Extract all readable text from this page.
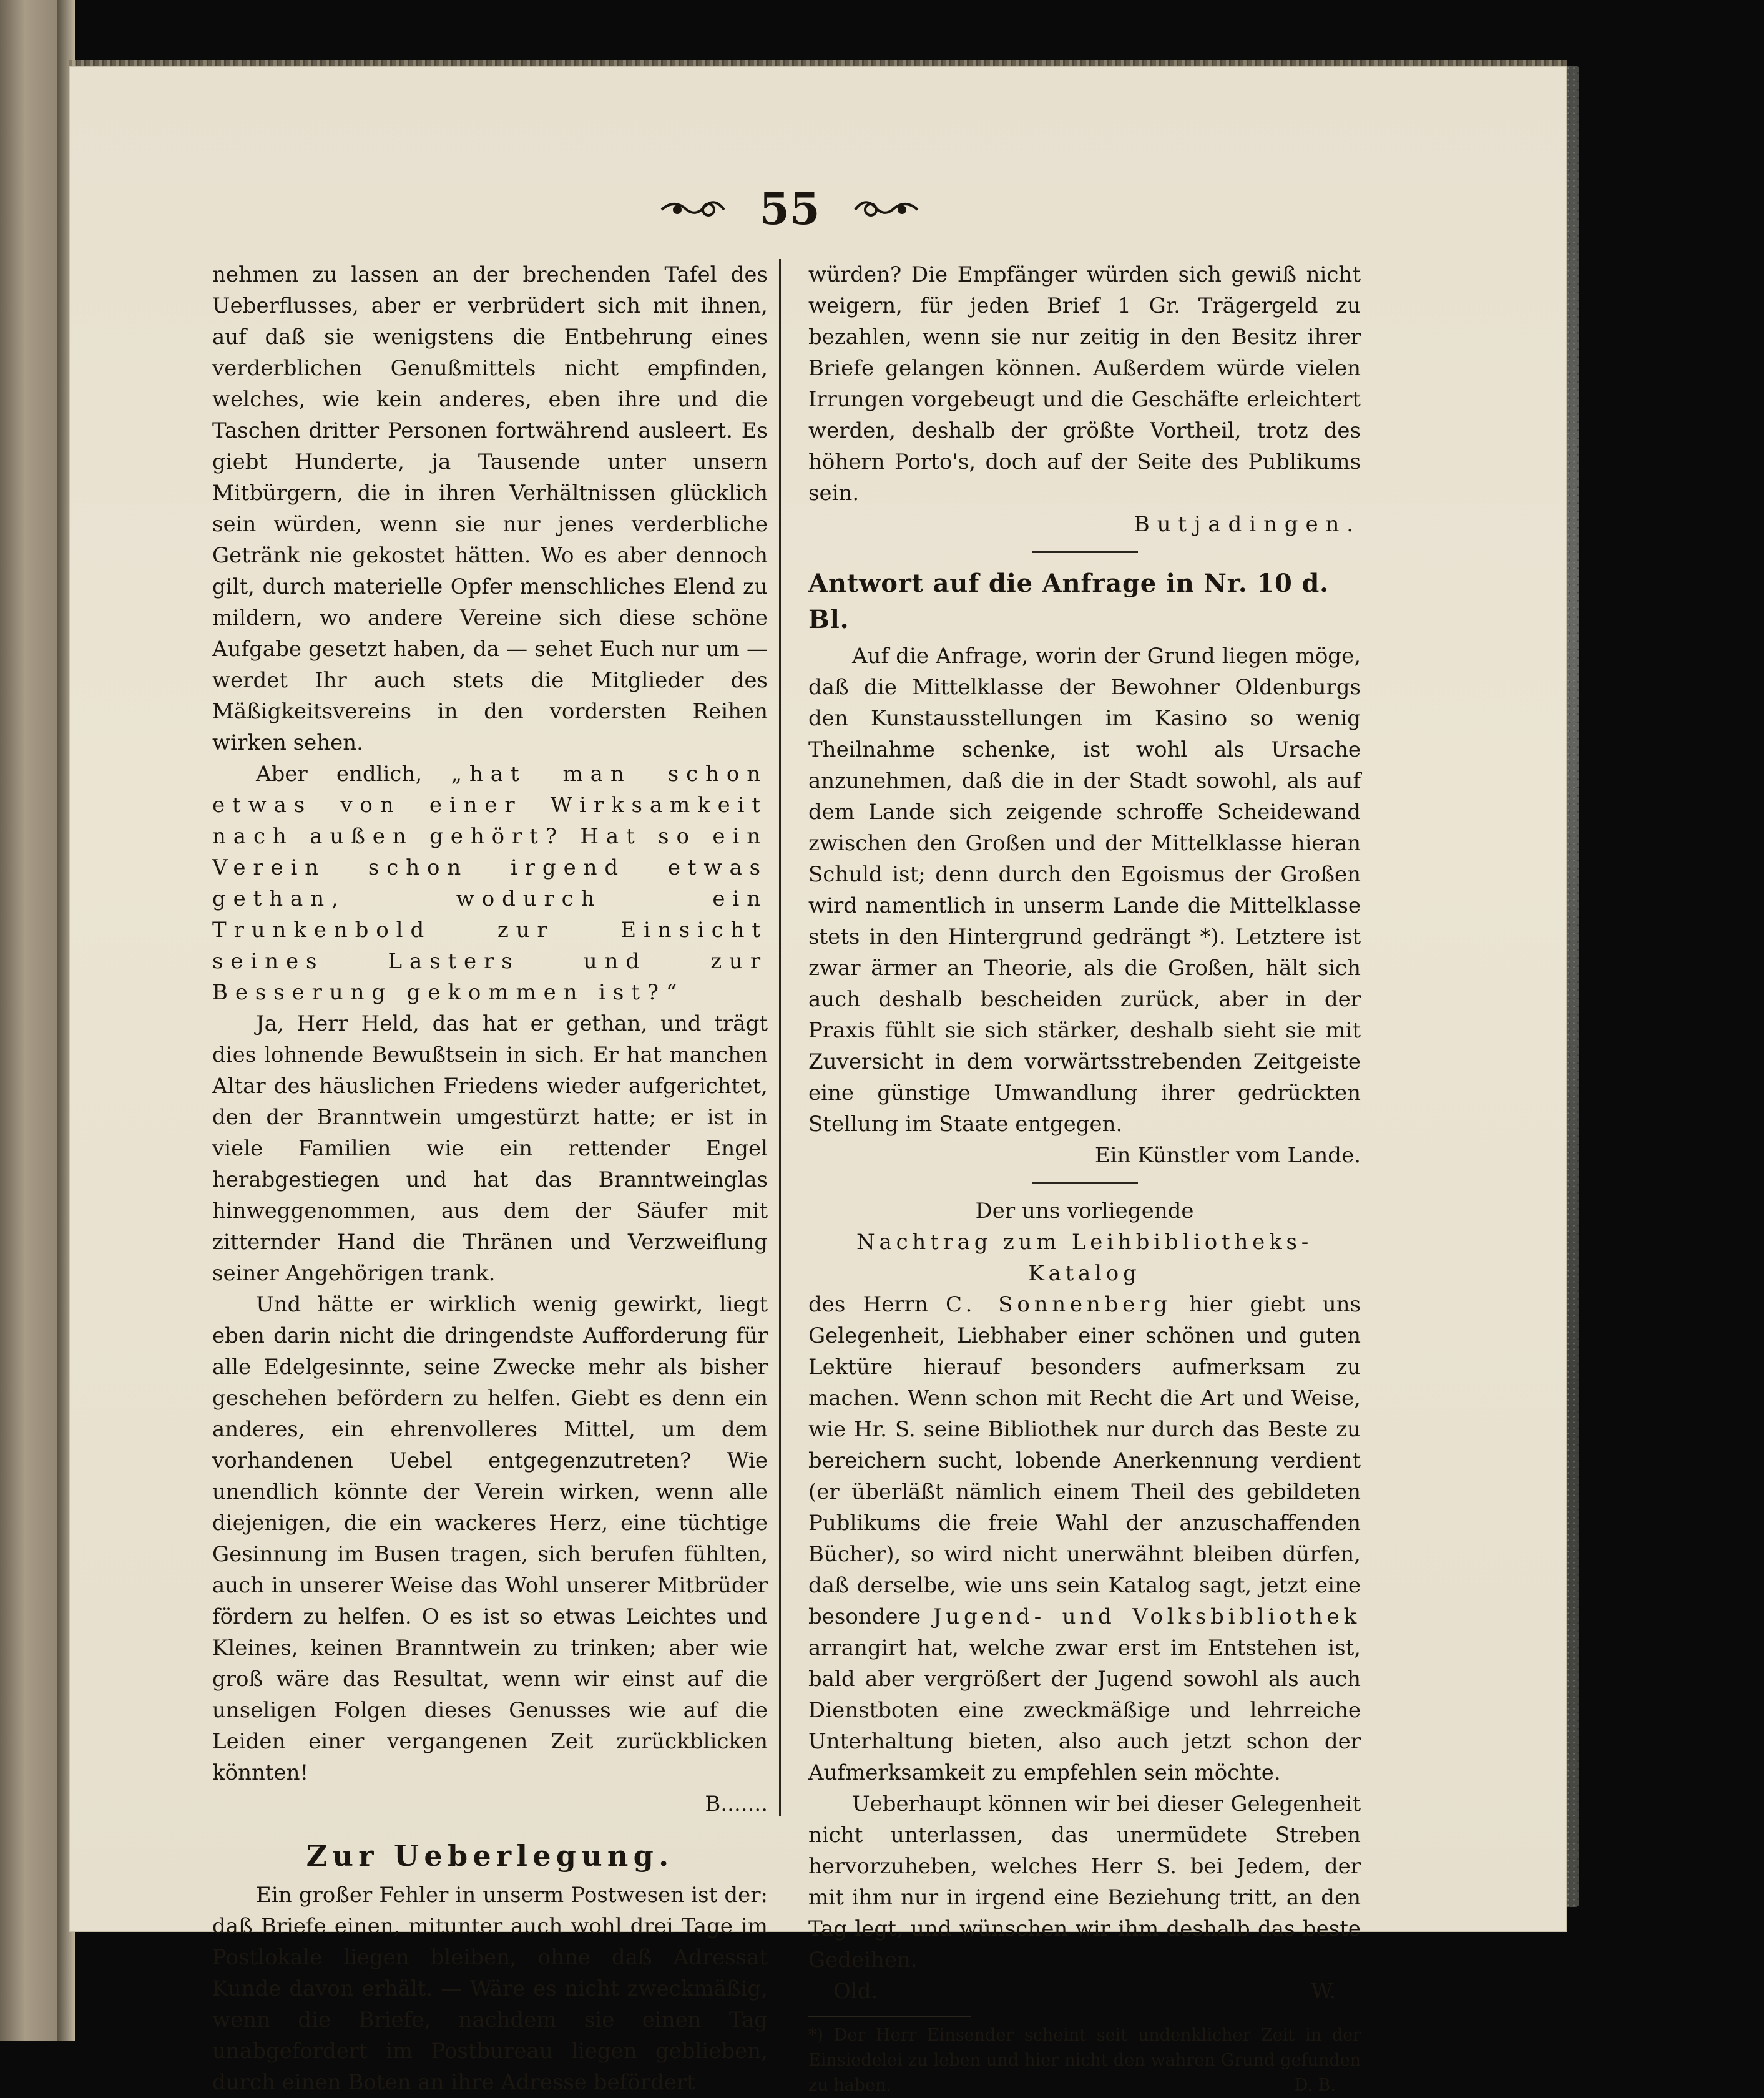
55

nehmen zu lassen an der brechenden Tafel des Ueberflusses, aber er verbrüdert sich mit ihnen, auf daß sie wenigstens die Entbehrung eines verderblichen Genußmittels nicht empfinden, welches, wie kein anderes, eben ihre und die Taschen dritter Personen fortwährend ausleert. Es giebt Hunderte, ja Tausende unter unsern Mitbürgern, die in ihren Verhältnissen glücklich sein würden, wenn sie nur jenes verderbliche Getränk nie gekostet hätten. Wo es aber dennoch gilt, durch materielle Opfer menschliches Elend zu mildern, wo andere Vereine sich diese schöne Aufgabe gesetzt haben, da — sehet Euch nur um — werdet Ihr auch stets die Mitglieder des Mäßigkeitsvereins in den vordersten Reihen wirken sehen.

Aber endlich, „hat man schon etwas von einer Wirksamkeit nach außen gehört? Hat so ein Verein schon irgend etwas gethan, wodurch ein Trunkenbold zur Einsicht seines Lasters und zur Besserung gekommen ist?“

Ja, Herr Held, das hat er gethan, und trägt dies lohnende Bewußtsein in sich. Er hat manchen Altar des häuslichen Friedens wieder aufgerichtet, den der Branntwein umgestürzt hatte; er ist in viele Familien wie ein rettender Engel herabgestiegen und hat das Branntweinglas hinweggenommen, aus dem der Säufer mit zitternder Hand die Thränen und Verzweiflung seiner Angehörigen trank.

Und hätte er wirklich wenig gewirkt, liegt eben darin nicht die dringendste Aufforderung für alle Edelgesinnte, seine Zwecke mehr als bisher geschehen befördern zu helfen. Giebt es denn ein anderes, ein ehrenvolleres Mittel, um dem vorhandenen Uebel entgegenzutreten? Wie unendlich könnte der Verein wirken, wenn alle diejenigen, die ein wackeres Herz, eine tüchtige Gesinnung im Busen tragen, sich berufen fühlten, auch in unserer Weise das Wohl unserer Mitbrüder fördern zu helfen. O es ist so etwas Leichtes und Kleines, keinen Branntwein zu trinken; aber wie groß wäre das Resultat, wenn wir einst auf die unseligen Folgen dieses Genusses wie auf die Leiden einer vergangenen Zeit zurückblicken könnten!

B.......

Zur Ueberlegung.

Ein großer Fehler in unserm Postwesen ist der: daß Briefe einen, mitunter auch wohl drei Tage im Postlokale liegen bleiben, ohne daß Adressat Kunde davon erhält. — Wäre es nicht zweckmäßig, wenn die Briefe, nachdem sie einen Tag unabgefordert im Postbureau liegen geblieben, durch einen Boten an ihre Adresse befördert

würden? Die Empfänger würden sich gewiß nicht weigern, für jeden Brief 1 Gr. Trägergeld zu bezahlen, wenn sie nur zeitig in den Besitz ihrer Briefe gelangen können. Außerdem würde vielen Irrungen vorgebeugt und die Geschäfte erleichtert werden, deshalb der größte Vortheil, trotz des höhern Porto's, doch auf der Seite des Publikums sein.

Butjadingen.

Antwort auf die Anfrage in Nr. 10 d. Bl.

Auf die Anfrage, worin der Grund liegen möge, daß die Mittelklasse der Bewohner Oldenburgs den Kunstausstellungen im Kasino so wenig Theilnahme schenke, ist wohl als Ursache anzunehmen, daß die in der Stadt sowohl, als auf dem Lande sich zeigende schroffe Scheidewand zwischen den Großen und der Mittelklasse hieran Schuld ist; denn durch den Egoismus der Großen wird namentlich in unserm Lande die Mittelklasse stets in den Hintergrund gedrängt *). Letztere ist zwar ärmer an Theorie, als die Großen, hält sich auch deshalb bescheiden zurück, aber in der Praxis fühlt sie sich stärker, deshalb sieht sie mit Zuversicht in dem vorwärtsstrebenden Zeitgeiste eine günstige Umwandlung ihrer gedrückten Stellung im Staate entgegen.

Ein Künstler vom Lande.

Der uns vorliegende

Nachtrag zum Leihbibliotheks-Katalog

des Herrn C. Sonnenberg hier giebt uns Gelegenheit, Liebhaber einer schönen und guten Lektüre hierauf besonders aufmerksam zu machen. Wenn schon mit Recht die Art und Weise, wie Hr. S. seine Bibliothek nur durch das Beste zu bereichern sucht, lobende Anerkennung verdient (er überläßt nämlich einem Theil des gebildeten Publikums die freie Wahl der anzuschaffenden Bücher), so wird nicht unerwähnt bleiben dürfen, daß derselbe, wie uns sein Katalog sagt, jetzt eine besondere Jugend- und Volksbibliothek arrangirt hat, welche zwar erst im Entstehen ist, bald aber vergrößert der Jugend sowohl als auch Dienstboten eine zweckmäßige und lehrreiche Unterhaltung bieten, also auch jetzt schon der Aufmerksamkeit zu empfehlen sein möchte.

Ueberhaupt können wir bei dieser Gelegenheit nicht unterlassen, das unermüdete Streben hervorzuheben, welches Herr S. bei Jedem, der mit ihm nur in irgend eine Beziehung tritt, an den Tag legt, und wünschen wir ihm deshalb das beste Gedeihen.

Old.	W.

*) Der Herr Einsender scheint seit undenklicher Zeit in der Einsiedelei zu leben und hier nicht den wahren Grund gefunden zu haben.	D. B.
